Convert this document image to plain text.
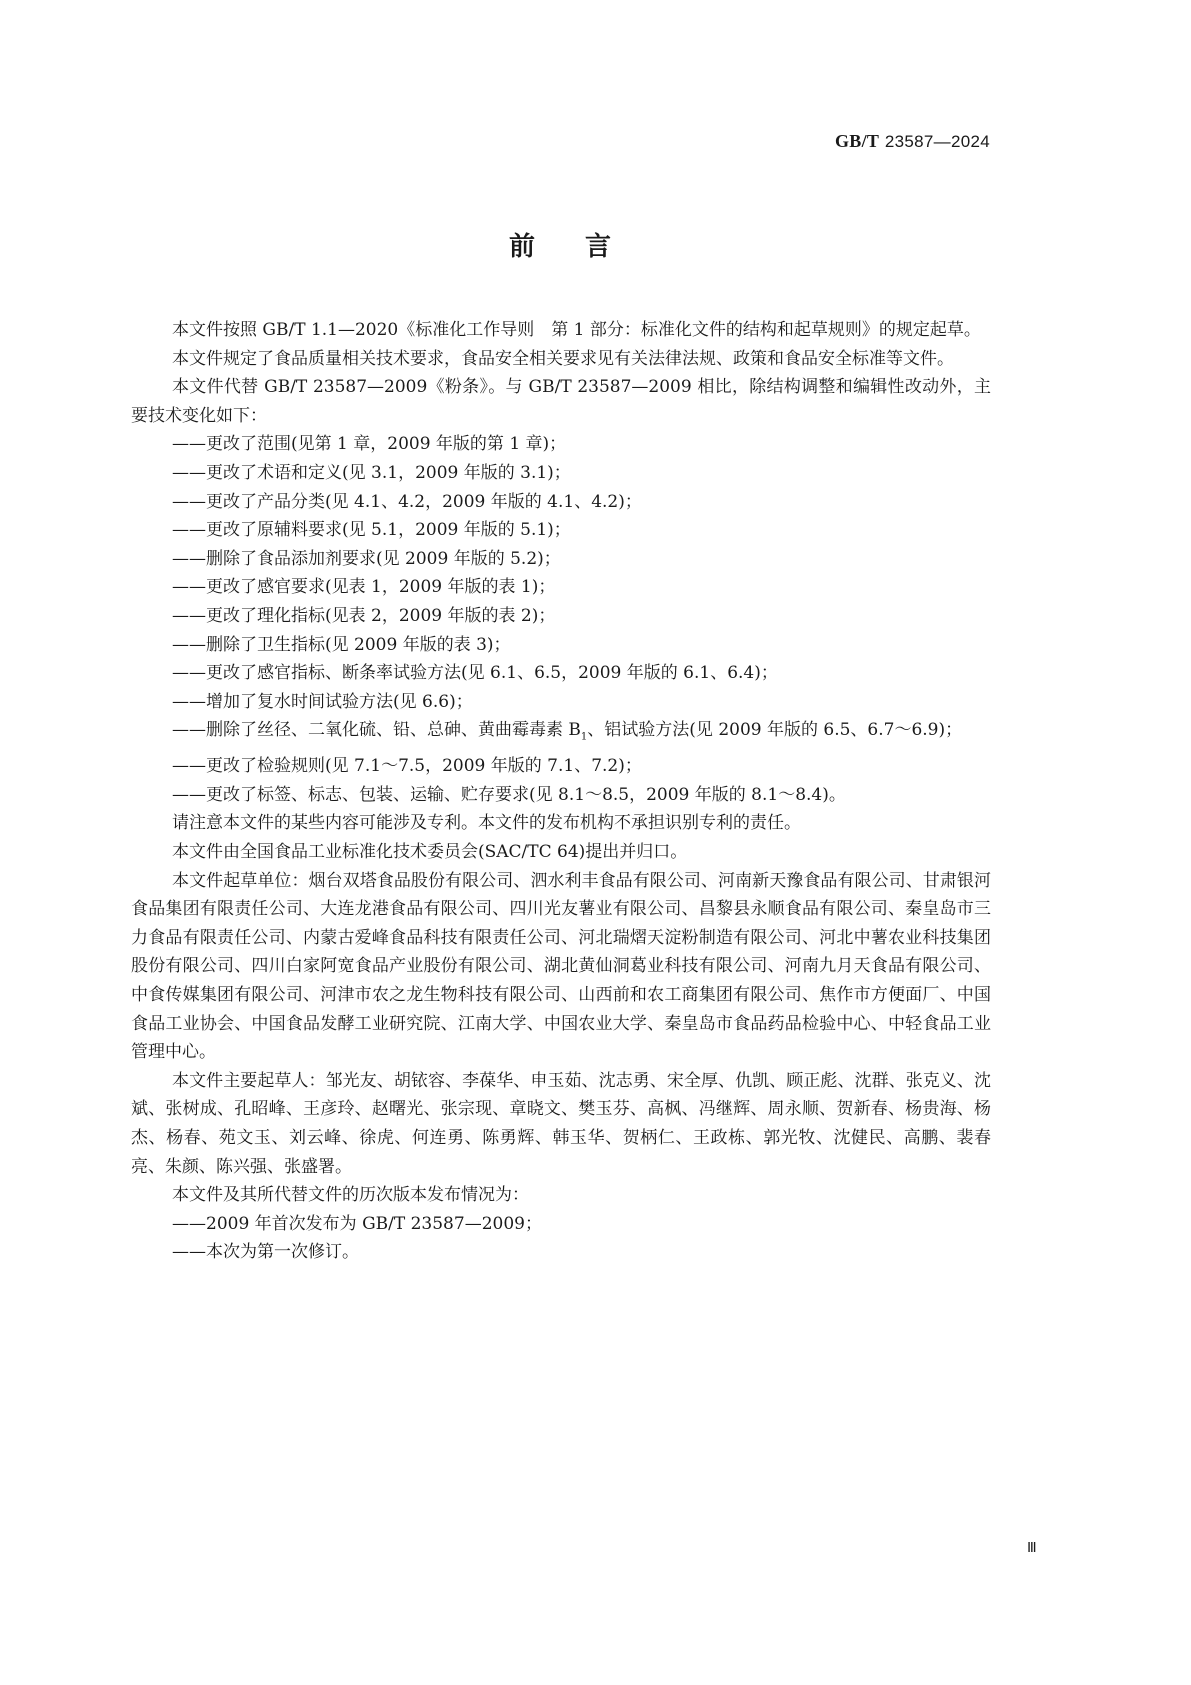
GB/T 23587—2024
前 言

本文件按照 GB/T 1.1—2020《标准化工作导则　第 1 部分：标准化文件的结构和起草规则》的规定起草。

本文件规定了食品质量相关技术要求，食品安全相关要求见有关法律法规、政策和食品安全标准等文件。

本文件代替 GB/T 23587—2009《粉条》。与 GB/T 23587—2009 相比，除结构调整和编辑性改动外，主要技术变化如下：

——更改了范围(见第 1 章，2009 年版的第 1 章)；

——更改了术语和定义(见 3.1，2009 年版的 3.1)；

——更改了产品分类(见 4.1、4.2，2009 年版的 4.1、4.2)；

——更改了原辅料要求(见 5.1，2009 年版的 5.1)；

——删除了食品添加剂要求(见 2009 年版的 5.2)；

——更改了感官要求(见表 1，2009 年版的表 1)；

——更改了理化指标(见表 2，2009 年版的表 2)；

——删除了卫生指标(见 2009 年版的表 3)；

——更改了感官指标、断条率试验方法(见 6.1、6.5，2009 年版的 6.1、6.4)；

——增加了复水时间试验方法(见 6.6)；

——删除了丝径、二氧化硫、铅、总砷、黄曲霉毒素 $B_1$、铝试验方法(见 2009 年版的 6.5、6.7～6.9)；

——更改了检验规则(见 7.1～7.5，2009 年版的 7.1、7.2)；

——更改了标签、标志、包装、运输、贮存要求(见 8.1～8.5，2009 年版的 8.1～8.4)。

请注意本文件的某些内容可能涉及专利。本文件的发布机构不承担识别专利的责任。

本文件由全国食品工业标准化技术委员会(SAC/TC 64)提出并归口。

本文件起草单位：烟台双塔食品股份有限公司、泗水利丰食品有限公司、河南新天豫食品有限公司、甘肃银河食品集团有限责任公司、大连龙港食品有限公司、四川光友薯业有限公司、昌黎县永顺食品有限公司、秦皇岛市三力食品有限责任公司、内蒙古爱峰食品科技有限责任公司、河北瑞熠天淀粉制造有限公司、河北中薯农业科技集团股份有限公司、四川白家阿宽食品产业股份有限公司、湖北黄仙洞葛业科技有限公司、河南九月天食品有限公司、中食传媒集团有限公司、河津市农之龙生物科技有限公司、山西前和农工商集团有限公司、焦作市方便面厂、中国食品工业协会、中国食品发酵工业研究院、江南大学、中国农业大学、秦皇岛市食品药品检验中心、中轻食品工业管理中心。

本文件主要起草人：邹光友、胡铱容、李葆华、申玉茹、沈志勇、宋全厚、仇凯、顾正彪、沈群、张克义、沈斌、张树成、孔昭峰、王彦玲、赵曙光、张宗现、章晓文、樊玉芬、高枫、冯继辉、周永顺、贺新春、杨贵海、杨杰、杨春、苑文玉、刘云峰、徐虎、何连勇、陈勇辉、韩玉华、贺柄仁、王政栋、郭光牧、沈健民、高鹏、裴春亮、朱颜、陈兴强、张盛署。

本文件及其所代替文件的历次版本发布情况为：

——2009 年首次发布为 GB/T 23587—2009；

——本次为第一次修订。

Ⅲ
